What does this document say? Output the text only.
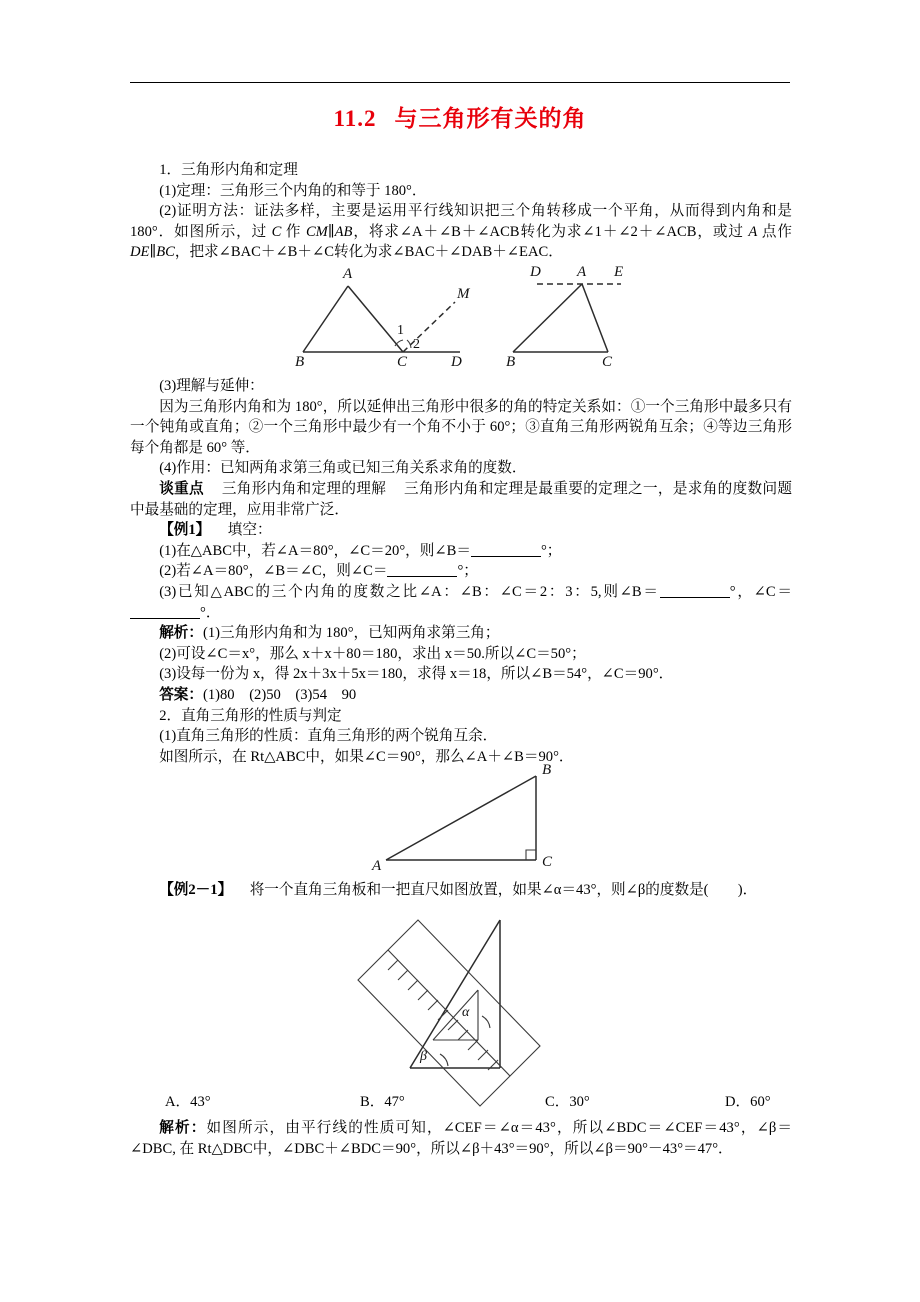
11.2 与三角形有关的角

1．三角形内角和定理

(1)定理：三角形三个内角的和等于 180°．

(2)证明方法：证法多样，主要是运用平行线知识把三个角转移成一个平角，从而得到内角和是 180°．如图所示，过 C 作 CM∥AB，将求∠A＋∠B＋∠ACB转化为求∠1＋∠2＋∠ACB，或过 A 点作 DE∥BC，把求∠BAC＋∠B＋∠C转化为求∠BAC＋∠DAB＋∠EAC．

A
B	C	D
M
1
2
A
B	C
D	E

(3)理解与延伸：

因为三角形内角和为 180°，所以延伸出三角形中很多的角的特定关系如：①一个三角形中最多只有一个钝角或直角；②一个三角形中最少有一个角不小于 60°；③直角三角形两锐角互余；④等边三角形每个角都是 60° 等．

(4)作用：已知两角求第三角或已知三角关系求角的度数．

谈重点 三角形内角和定理的理解 三角形内角和定理是最重要的定理之一，是求角的度数问题中最基础的定理，应用非常广泛．

【例1】 填空：

(1)在△ABC中，若∠A＝80°，∠C＝20°，则∠B＝	°；

(2)若∠A＝80°，∠B＝∠C，则∠C＝	°；

(3)已知△ABC的三个内角的度数之比∠A：∠B：∠C＝2：3：5,则∠B＝	°，∠C＝°．

解析：(1)三角形内角和为 180°，已知两角求第三角；

(2)可设∠C＝x°，那么 x＋x＋80＝180，求出 x＝50.所以∠C＝50°；

(3)设每一份为 x，得 2x＋3x＋5x＝180，求得 x＝18，所以∠B＝54°，∠C＝90°．

答案：(1)80　(2)50　(3)54　90

2．直角三角形的性质与判定

(1)直角三角形的性质：直角三角形的两个锐角互余．

如图所示，在 Rt△ABC中，如果∠C＝90°，那么∠A＋∠B＝90°．

A
B
C

【例2－1】 将一个直角三角板和一把直尺如图放置，如果∠α＝43°，则∠β的度数是(　　)．

α
β
A．43°	B．47°	C．30°	D．60°

解析：如图所示，由平行线的性质可知，∠CEF＝∠α＝43°，所以∠BDC＝∠CEF＝43°，∠β＝∠DBC, 在 Rt△DBC中，∠DBC＋∠BDC＝90°，所以∠β＋43°＝90°，所以∠β＝90°－43°＝47°．
